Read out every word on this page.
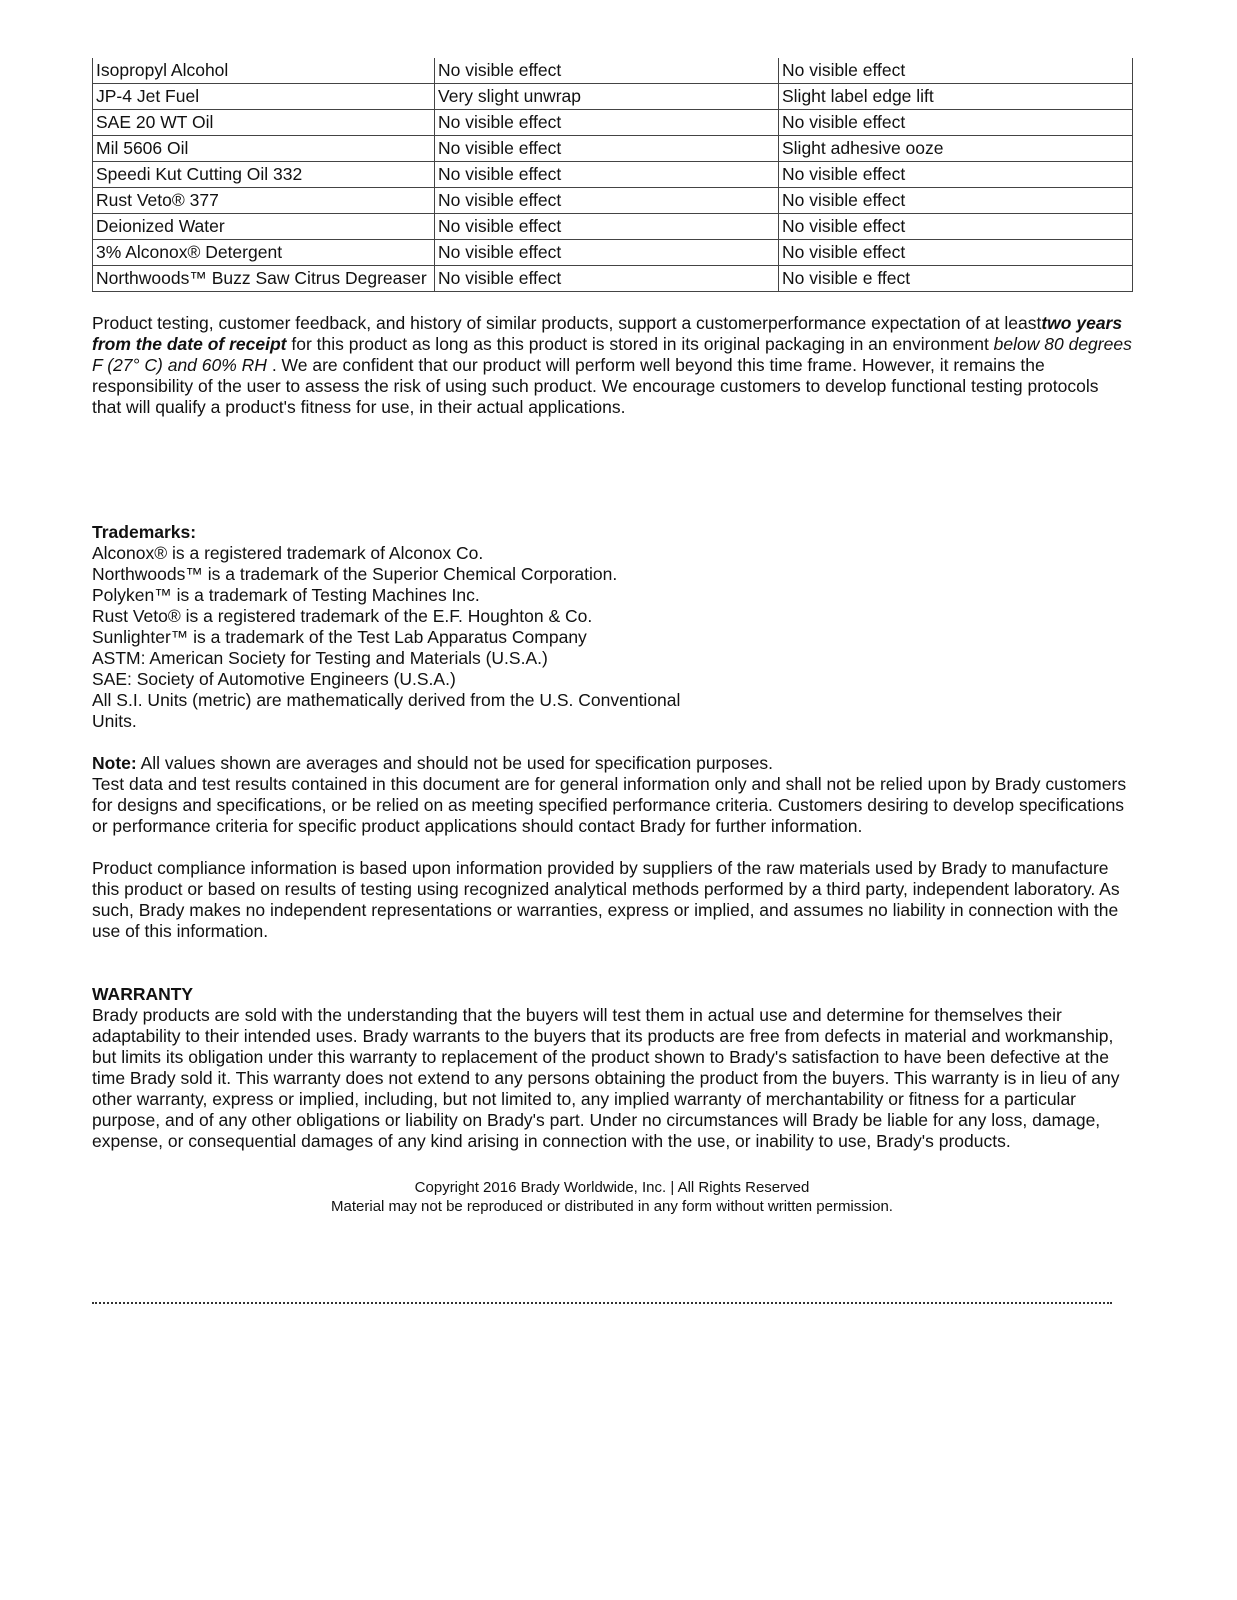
Isopropyl Alcohol	No visible effect	No visible effect
JP-4 Jet Fuel	Very slight unwrap	Slight label edge lift
SAE 20 WT Oil	No visible effect	No visible effect
Mil 5606 Oil	No visible effect	Slight adhesive ooze
Speedi Kut Cutting Oil 332	No visible effect	No visible effect
Rust Veto® 377	No visible effect	No visible effect
Deionized Water	No visible effect	No visible effect
3% Alconox® Detergent	No visible effect	No visible effect
Northwoods™ Buzz Saw Citrus Degreaser	No visible effect	No visible e ffect

Product testing, customer feedback, and history of similar products, support a customerperformance expectation of at leasttwo years from the date of receipt for this product as long as this product is stored in its original packaging in an environment below 80 degrees F (27° C) and 60% RH . We are confident that our product will perform well beyond this time frame. However, it remains the responsibility of the user to assess the risk of using such product. We encourage customers to develop functional testing protocols that will qualify a product's fitness for use, in their actual applications.

Trademarks:

Alconox® is a registered trademark of Alconox Co.

Northwoods™ is a trademark of the Superior Chemical Corporation.

Polyken™ is a trademark of Testing Machines Inc.

Rust Veto® is a registered trademark of the E.F. Houghton & Co.

Sunlighter™ is a trademark of the Test Lab Apparatus Company

ASTM: American Society for Testing and Materials (U.S.A.)

SAE: Society of Automotive Engineers (U.S.A.)

All S.I. Units (metric) are mathematically derived from the U.S. Conventional

Units.

Note: All values shown are averages and should not be used for specification purposes.

Test data and test results contained in this document are for general information only and shall not be relied upon by Brady customers for designs and specifications, or be relied on as meeting specified performance criteria. Customers desiring to develop specifications or performance criteria for specific product applications should contact Brady for further information.

Product compliance information is based upon information provided by suppliers of the raw materials used by Brady to manufacture this product or based on results of testing using recognized analytical methods performed by a third party, independent laboratory. As such, Brady makes no independent representations or warranties, express or implied, and assumes no liability in connection with the use of this information.

WARRANTY

Brady products are sold with the understanding that the buyers will test them in actual use and determine for themselves their adaptability to their intended uses. Brady warrants to the buyers that its products are free from defects in material and workmanship, but limits its obligation under this warranty to replacement of the product shown to Brady's satisfaction to have been defective at the time Brady sold it. This warranty does not extend to any persons obtaining the product from the buyers. This warranty is in lieu of any other warranty, express or implied, including, but not limited to, any implied warranty of merchantability or fitness for a particular purpose, and of any other obligations or liability on Brady's part. Under no circumstances will Brady be liable for any loss, damage, expense, or consequential damages of any kind arising in connection with the use, or inability to use, Brady's products.

Copyright 2016 Brady Worldwide, Inc. | All Rights Reserved

Material may not be reproduced or distributed in any form without written permission.
